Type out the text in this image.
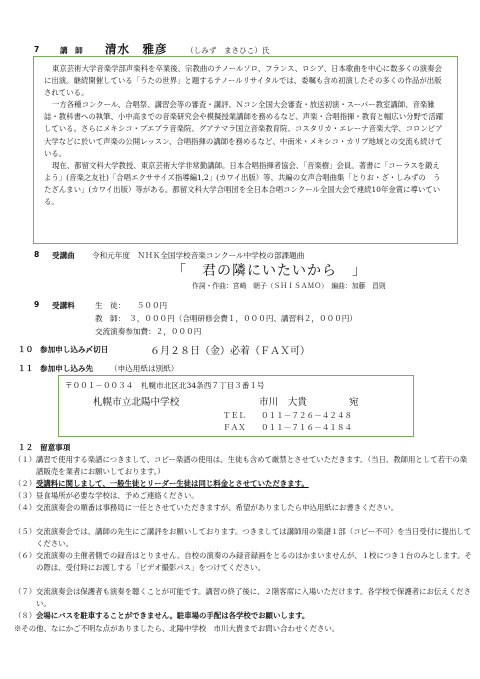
7	講　師 清水　雅彦 （しみず　まさひこ）氏

東京芸術大学音楽学部声楽科を卒業後、宗教曲のテノールソロ、フランス、ロシア、日本歌曲を中心に数多くの演奏会に出演。継続開催している「うたの世界」と題するテノールリサイタルでは、委嘱も含め初演したその多くの作品が出版されている。

一方各種コンクール、合唱祭、講習会等の審査・講評、Ｎコン全国大会審査・放送初演・スーパー教室講師、音楽雑誌・教科書への執筆、小中高までの音楽研究会や模擬授業講師を務めるなど、声楽・合唱指揮・教育と幅広い分野で活躍している。さらにメキシコ・プエブラ音楽院、グアテマラ国立音楽教育院、コスタリカ・エレーナ音楽大学、コロンビア大学などに於いて声楽の公開レッスン、合唱指揮の講師を務めるなど、中南米・メキシコ・カリブ地域との交流も続けている。

現在、都留文科大学教授、東京芸術大学非常勤講師。日本合唱指揮者協会、「音楽樹」会員。著書に「コーラスを鍛えよう」(音楽之友社)「合唱エクササイズ指導編1,2」(カワイ出版）等、共編の女声合唱曲集「とりお・ざ・しみずの　うたざんまい」(カワイ出版）等がある。都留文科大学合唱団を全日本合唱コンクール全国大会で連続10年金賞に導いている。

8 受講曲 令和元年度　ＮＨＫ全国学校音楽コンクール中学校の部課題曲
「　君の隣にいたいから　」
作詞・作曲：宮崎　朝子（ＳＨＩＳＡＭＯ）　編曲：加藤　昌則
9 受講料	生　徒：　　５００円
教　師：　３，０００円（合唱研修会費１，０００円、講習料２，０００円）
交流演奏参加費：２，０００円
１０ 参加申し込み〆切日	６月２８日（金）必着（ＦＡＸ可）
１１ 参加申し込み先 （申込用紙は別紙）
〒００１－００３４　札幌市北区北34条西７丁目３番１号
札幌市立北陽中学校	市川　大貴	宛
ＴＥＬ　　０１１－７２６－４２４８
ＦＡＸ　　０１１－７１６－４１８４
１２ 留意事項
（１） 講習で使用する楽譜につきまして、コピー楽譜の使用は、生徒も含めて厳禁とさせていただきます。（当日、教師用として若干の楽譜販売を業者にお願いしております。）
（２） 受講料に関しまして、一般生徒とリーダー生徒は同じ料金とさせていただきます。
（３） 昼食場所が必要な学校は、予めご連絡ください。
（４） 交流演奏会の順番は事務局に一任とさせていただきますが、希望がありましたら申込用紙にお書きください。
（５） 交流演奏会では、講師の先生にご講評をお願いしております。つきましては講師用の楽譜１部（コピー不可）を当日受付に提出してください。
（６） 交流演奏の主催者側での録音はとりません。自校の演奏のみ録音録画をとるのはかまいませんが、１校につき１台のみとします。その際は、受付時にお渡しする「ビデオ撮影パス」をつけてください。
（７） 交流演奏会は保護者も演奏を聴くことが可能です。講習の終了後に、２階客席に入場いただけます。各学校で保護者にお伝えください。
（８） 会場にバスを駐車することができません。駐車場の手配は各学校でお願いします。
※その他、なにかご不明な点がありましたら、北陽中学校　市川大貴までお問い合わせください。
